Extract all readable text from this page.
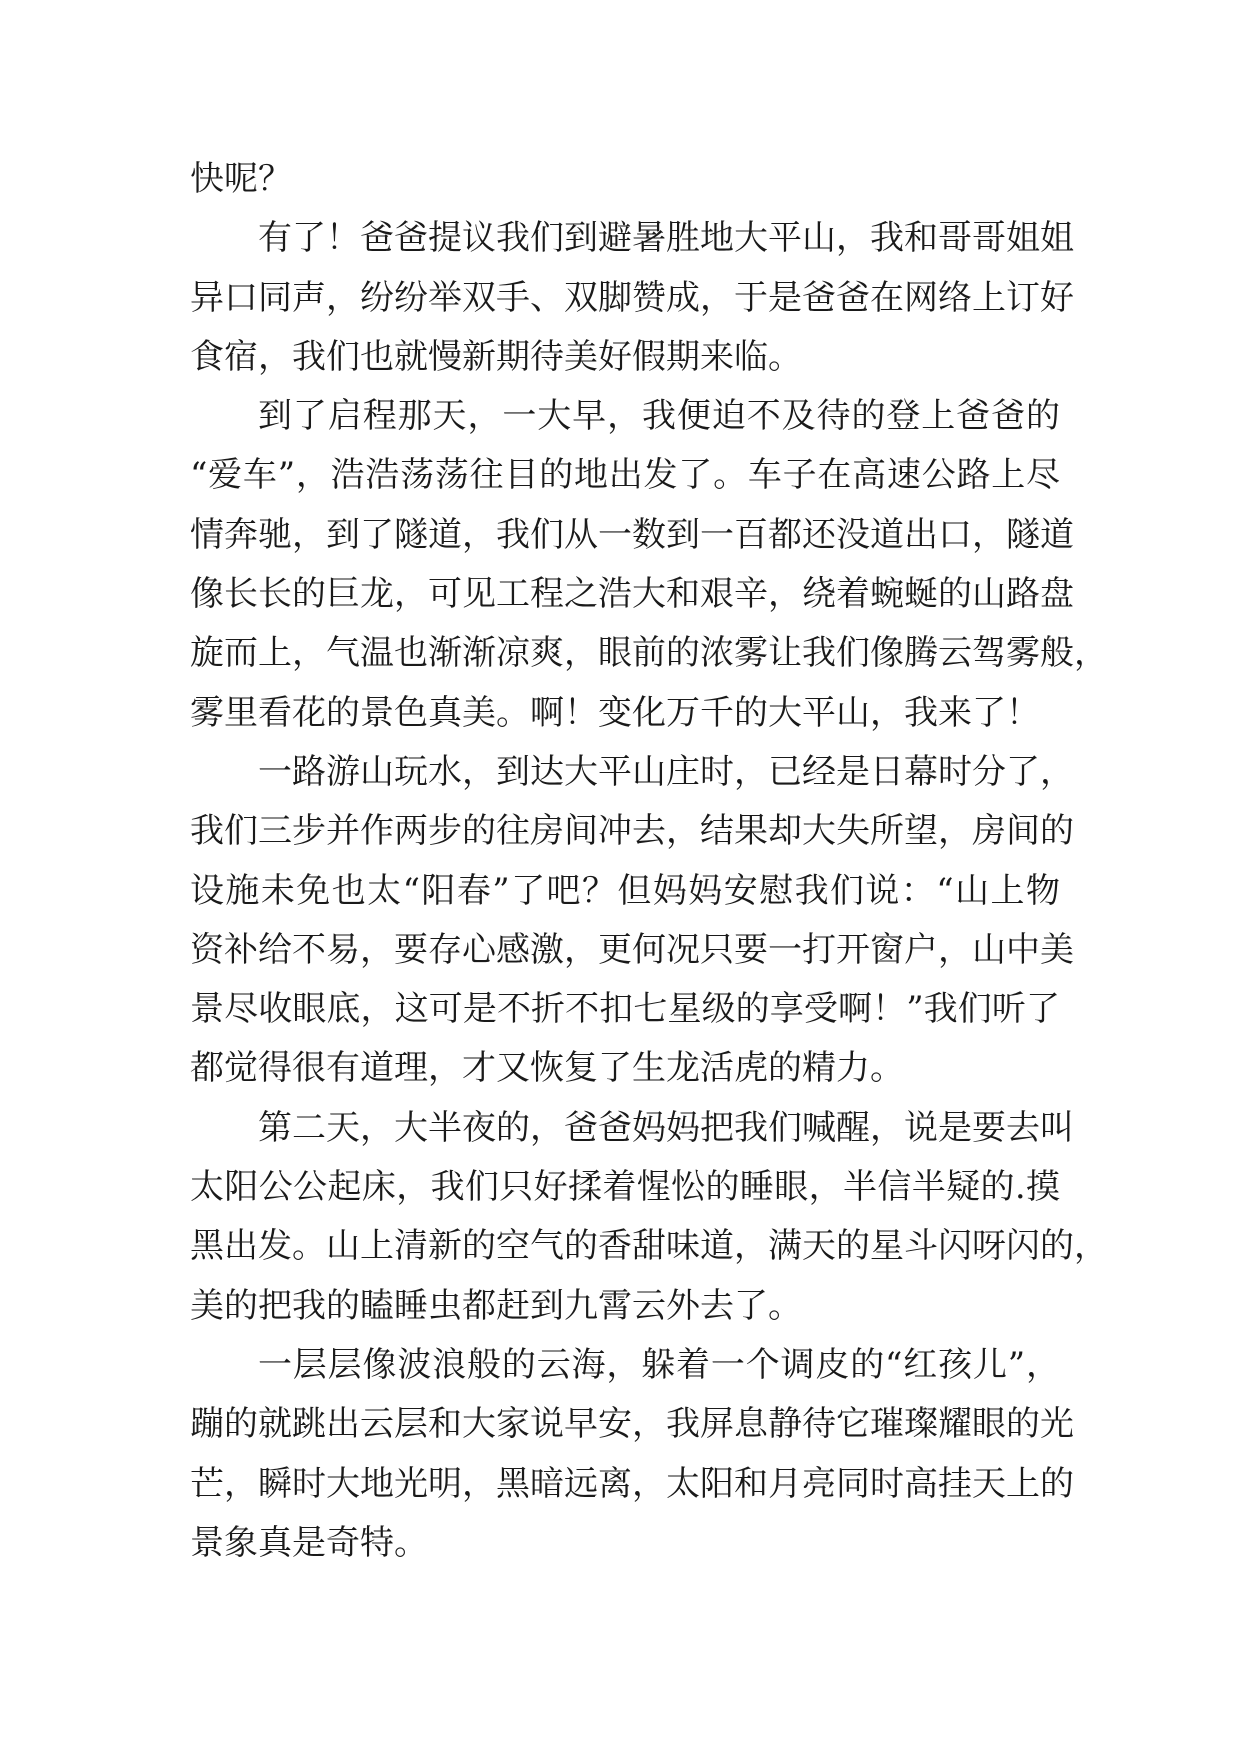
快呢？
有了！爸爸提议我们到避暑胜地大平山，我和哥哥姐姐
异口同声，纷纷举双手、双脚赞成，于是爸爸在网络上订好
食宿，我们也就慢新期待美好假期来临。
到了启程那天，一大早，我便迫不及待的登上爸爸的
“爱车”，浩浩荡荡往目的地出发了。车子在高速公路上尽
情奔驰，到了隧道，我们从一数到一百都还没道出口，隧道
像长长的巨龙，可见工程之浩大和艰辛，绕着蜿蜒的山路盘
旋而上，气温也渐渐凉爽，眼前的浓雾让我们像腾云驾雾般，
雾里看花的景色真美。啊！变化万千的大平山，我来了！
一路游山玩水，到达大平山庄时，已经是日幕时分了，
我们三步并作两步的往房间冲去，结果却大失所望，房间的
设施未免也太“阳春”了吧？但妈妈安慰我们说：“山上物
资补给不易，要存心感激，更何况只要一打开窗户，山中美
景尽收眼底，这可是不折不扣七星级的享受啊！”我们听了
都觉得很有道理，才又恢复了生龙活虎的精力。
第二天，大半夜的，爸爸妈妈把我们喊醒，说是要去叫
太阳公公起床，我们只好揉着惺忪的睡眼，半信半疑的.摸
黑出发。山上清新的空气的香甜味道，满天的星斗闪呀闪的，
美的把我的瞌睡虫都赶到九霄云外去了。
一层层像波浪般的云海，躲着一个调皮的“红孩儿”，
蹦的就跳出云层和大家说早安，我屏息静待它璀璨耀眼的光
芒，瞬时大地光明，黑暗远离，太阳和月亮同时高挂天上的
景象真是奇特。
